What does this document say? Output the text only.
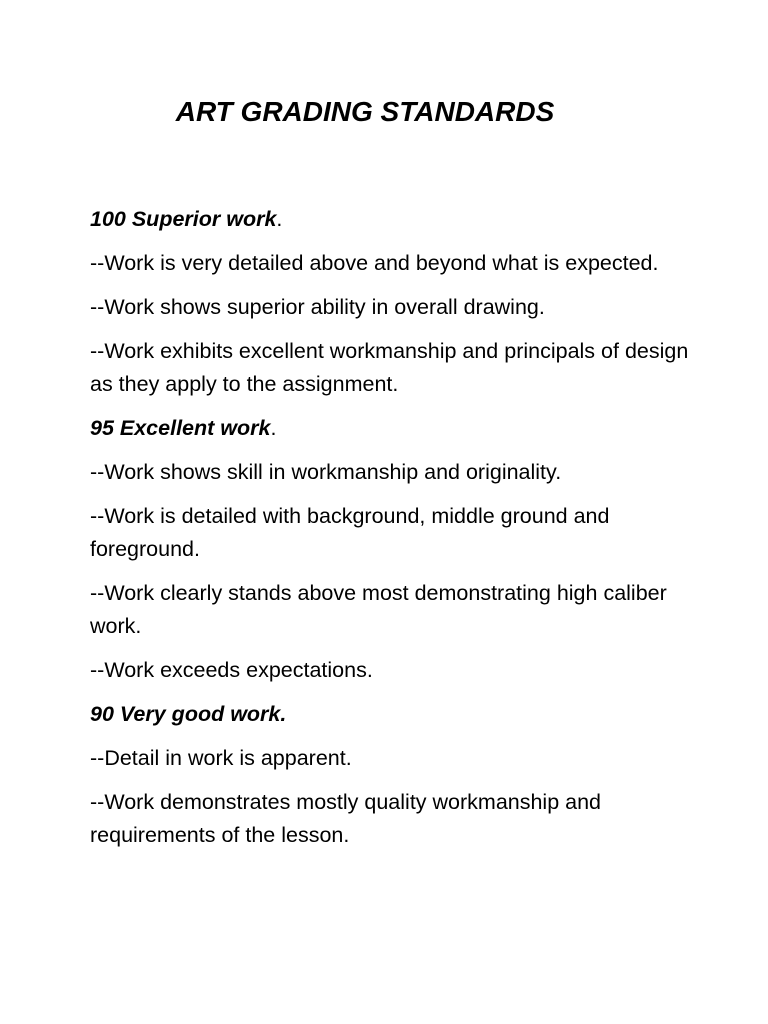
ART GRADING STANDARDS

100 Superior work.

--Work is very detailed above and beyond what is expected.

--Work shows superior ability in overall drawing.

--Work exhibits excellent workmanship and principals of design as they apply to the assignment.

95 Excellent work.

--Work shows skill in workmanship and originality.

--Work is detailed with background, middle ground and foreground.

--Work clearly stands above most demonstrating high caliber work.

--Work exceeds expectations.

90 Very good work.

--Detail in work is apparent.

--Work demonstrates mostly quality workmanship and requirements of the lesson.
